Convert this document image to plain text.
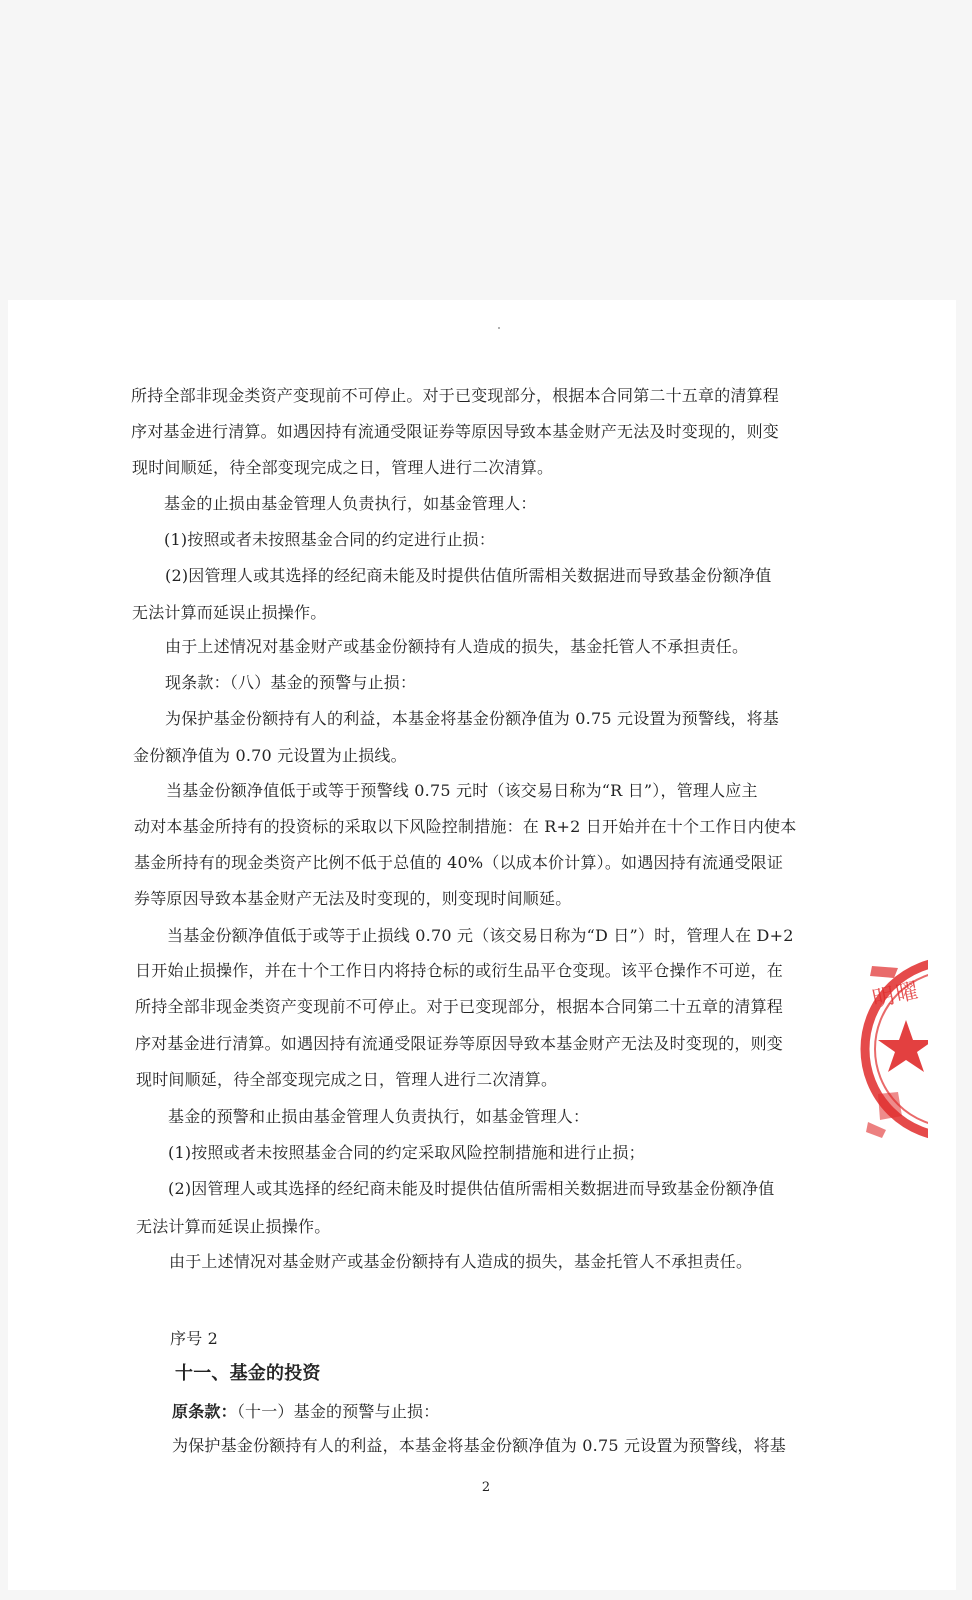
所持全部非现金类资产变现前不可停止。对于已变现部分，根据本合同第二十五章的清算程
序对基金进行清算。如遇因持有流通受限证券等原因导致本基金财产无法及时变现的，则变
现时间顺延，待全部变现完成之日，管理人进行二次清算。
基金的止损由基金管理人负责执行，如基金管理人：
(1)按照或者未按照基金合同的约定进行止损：
(2)因管理人或其选择的经纪商未能及时提供估值所需相关数据进而导致基金份额净值
无法计算而延误止损操作。
由于上述情况对基金财产或基金份额持有人造成的损失，基金托管人不承担责任。
现条款：（八）基金的预警与止损：
为保护基金份额持有人的利益，本基金将基金份额净值为 0.75 元设置为预警线，将基
金份额净值为 0.70 元设置为止损线。
当基金份额净值低于或等于预警线 0.75 元时（该交易日称为“R 日”），管理人应主
动对本基金所持有的投资标的采取以下风险控制措施：在 R+2 日开始并在十个工作日内使本
基金所持有的现金类资产比例不低于总值的 40%（以成本价计算）。如遇因持有流通受限证
券等原因导致本基金财产无法及时变现的，则变现时间顺延。
当基金份额净值低于或等于止损线 0.70 元（该交易日称为“D 日”）时，管理人在 D+2
日开始止损操作，并在十个工作日内将持仓标的或衍生品平仓变现。该平仓操作不可逆，在
所持全部非现金类资产变现前不可停止。对于已变现部分，根据本合同第二十五章的清算程
序对基金进行清算。如遇因持有流通受限证券等原因导致本基金财产无法及时变现的，则变
现时间顺延，待全部变现完成之日，管理人进行二次清算。
基金的预警和止损由基金管理人负责执行，如基金管理人：
(1)按照或者未按照基金合同的约定采取风险控制措施和进行止损；
(2)因管理人或其选择的经纪商未能及时提供估值所需相关数据进而导致基金份额净值
无法计算而延误止损操作。
由于上述情况对基金财产或基金份额持有人造成的损失，基金托管人不承担责任。
序号 2
十一、基金的投资
原条款：（十一）基金的预警与止损：
为保护基金份额持有人的利益，本基金将基金份额净值为 0.75 元设置为预警线，将基
2
明曜
